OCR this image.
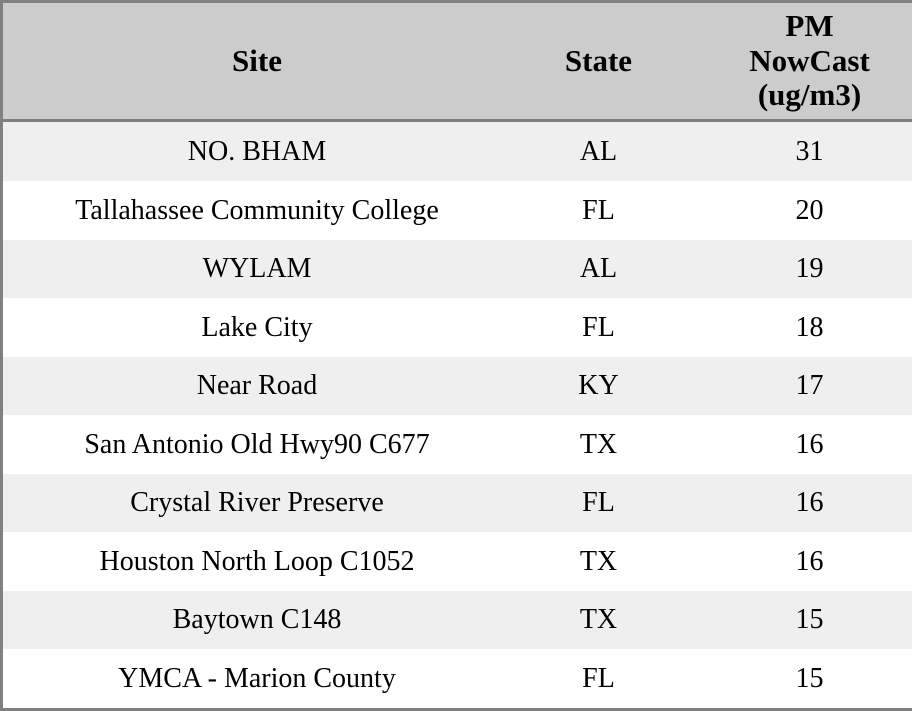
Site	State	PM
NowCast
(ug/m3)

NO. BHAM	AL	31
Tallahassee Community College	FL	20
WYLAM	AL	19
Lake City	FL	18
Near Road	KY	17
San Antonio Old Hwy90 C677	TX	16
Crystal River Preserve	FL	16
Houston North Loop C1052	TX	16
Baytown C148	TX	15
YMCA - Marion County	FL	15
